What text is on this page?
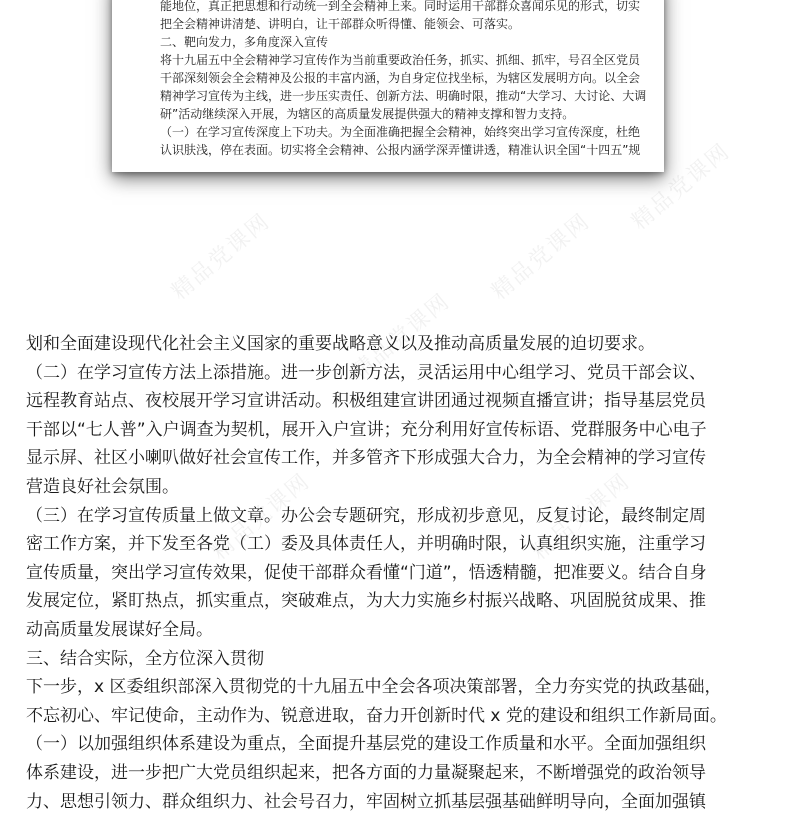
精品党课网	精品党课网
精品党课网
精品党课网	精品党课网
精品党课网
能地位，真正把思想和行动统一到全会精神上来。同时运用干部群众喜闻乐见的形式，切实
把全会精神讲清楚、讲明白，让干部群众听得懂、能领会、可落实。
二、靶向发力，多角度深入宣传
将十九届五中全会精神学习宣传作为当前重要政治任务，抓实、抓细、抓牢，号召全区党员
干部深刻领会全会精神及公报的丰富内涵，为自身定位找坐标，为辖区发展明方向。以全会
精神学习宣传为主线，进一步压实责任、创新方法、明确时限，推动“大学习、大讨论、大调
研”活动继续深入开展，为辖区的高质量发展提供强大的精神支撑和智力支持。
（一）在学习宣传深度上下功夫。为全面准确把握全会精神，始终突出学习宣传深度，杜绝
认识肤浅，停在表面。切实将全会精神、公报内涵学深弄懂讲透，精准认识全国“十四五”规
划和全面建设现代化社会主义国家的重要战略意义以及推动高质量发展的迫切要求。
（二）在学习宣传方法上添措施。进一步创新方法，灵活运用中心组学习、党员干部会议、
远程教育站点、夜校展开学习宣讲活动。积极组建宣讲团通过视频直播宣讲；指导基层党员
干部以“七人普”入户调查为契机，展开入户宣讲；充分利用好宣传标语、党群服务中心电子
显示屏、社区小喇叭做好社会宣传工作，并多管齐下形成强大合力，为全会精神的学习宣传
营造良好社会氛围。
（三）在学习宣传质量上做文章。办公会专题研究，形成初步意见，反复讨论，最终制定周
密工作方案，并下发至各党（工）委及具体责任人，并明确时限，认真组织实施，注重学习
宣传质量，突出学习宣传效果，促使干部群众看懂“门道”，悟透精髓，把准要义。结合自身
发展定位，紧盯热点，抓实重点，突破难点，为大力实施乡村振兴战略、巩固脱贫成果、推
动高质量发展谋好全局。
三、结合实际，全方位深入贯彻
下一步，x 区委组织部深入贯彻党的十九届五中全会各项决策部署，全力夯实党的执政基础，
不忘初心、牢记使命，主动作为、锐意进取，奋力开创新时代 x 党的建设和组织工作新局面。
（一）以加强组织体系建设为重点，全面提升基层党的建设工作质量和水平。全面加强组织
体系建设，进一步把广大党员组织起来，把各方面的力量凝聚起来，不断增强党的政治领导
力、思想引领力、群众组织力、社会号召力，牢固树立抓基层强基础鲜明导向，全面加强镇
